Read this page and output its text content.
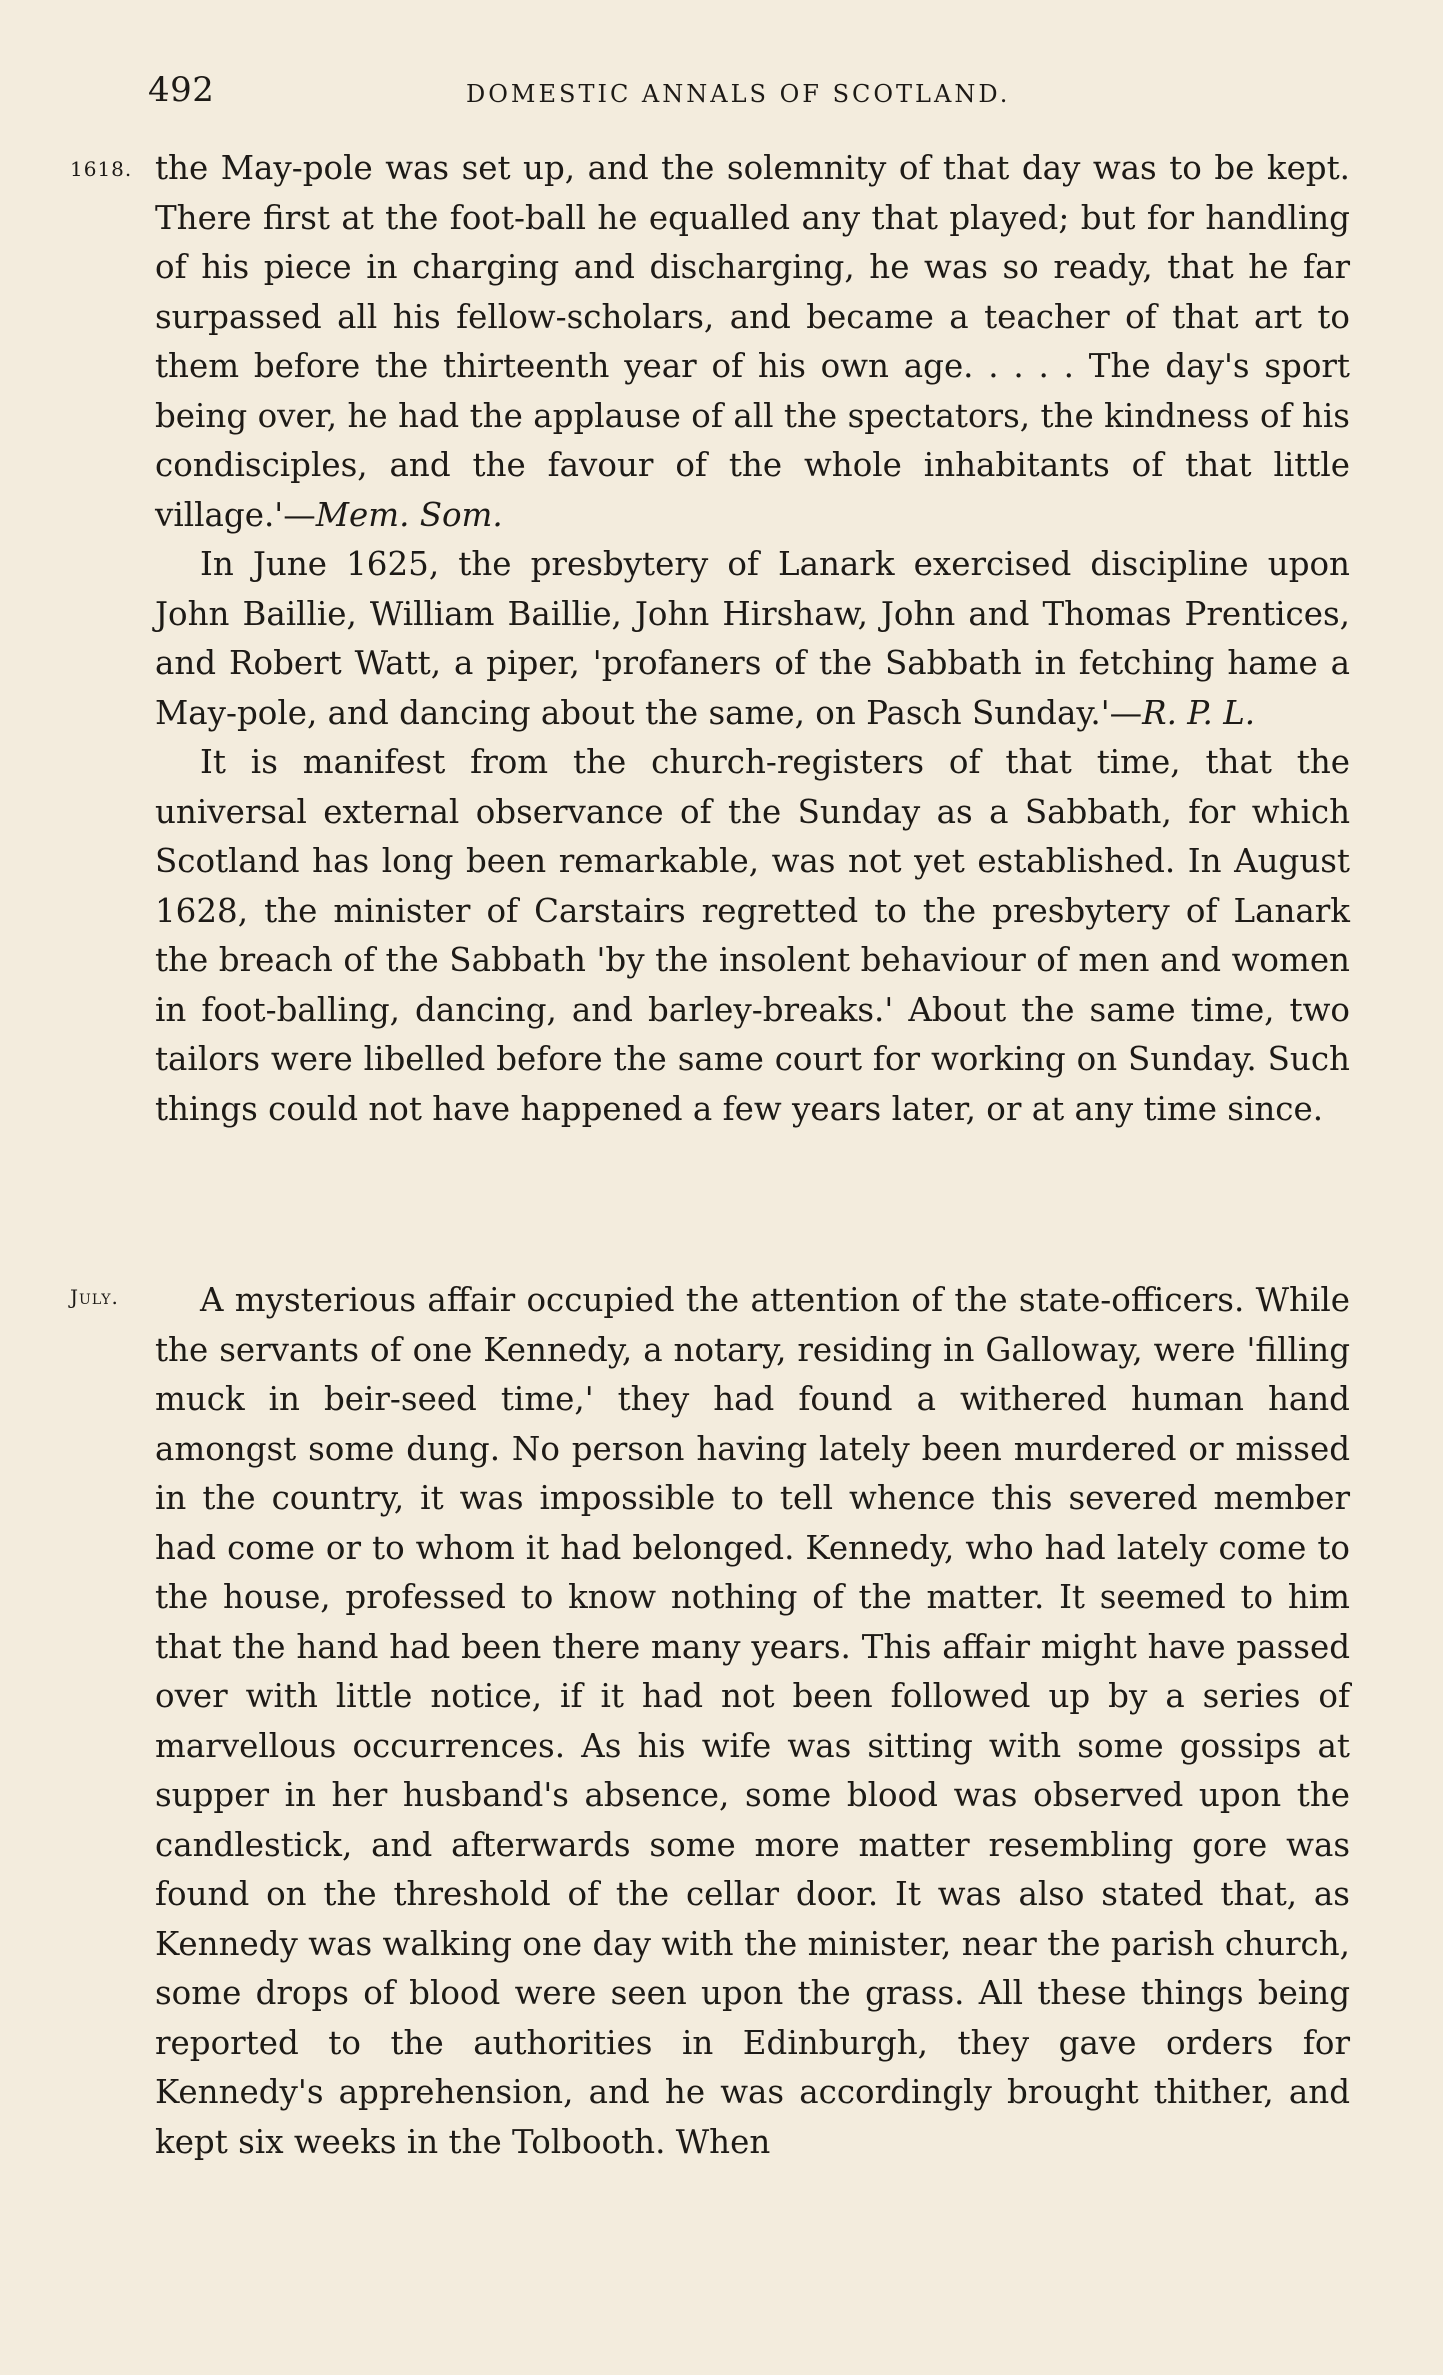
492	DOMESTIC ANNALS OF SCOTLAND.
1618.
July.

the May-pole was set up, and the solemnity of that day was to be kept. There first at the foot-ball he equalled any that played; but for handling of his piece in charging and discharging, he was so ready, that he far surpassed all his fellow-scholars, and became a teacher of that art to them before the thirteenth year of his own age. . . . . The day's sport being over, he had the applause of all the spectators, the kindness of his condisciples, and the favour of the whole inhabitants of that little village.'—Mem. Som.

In June 1625, the presbytery of Lanark exercised discipline upon John Baillie, William Baillie, John Hirshaw, John and Thomas Prentices, and Robert Watt, a piper, 'profaners of the Sabbath in fetching hame a May-pole, and dancing about the same, on Pasch Sunday.'—R. P. L.

It is manifest from the church-registers of that time, that the universal external observance of the Sunday as a Sabbath, for which Scotland has long been remarkable, was not yet established. In August 1628, the minister of Carstairs regretted to the presbytery of Lanark the breach of the Sabbath 'by the insolent behaviour of men and women in foot-balling, dancing, and barley-breaks.' About the same time, two tailors were libelled before the same court for working on Sunday. Such things could not have happened a few years later, or at any time since.

A mysterious affair occupied the attention of the state-officers. While the servants of one Kennedy, a notary, residing in Galloway, were 'filling muck in beir-seed time,' they had found a withered human hand amongst some dung. No person having lately been murdered or missed in the country, it was impossible to tell whence this severed member had come or to whom it had belonged. Kennedy, who had lately come to the house, professed to know nothing of the matter. It seemed to him that the hand had been there many years. This affair might have passed over with little notice, if it had not been followed up by a series of marvellous occurrences. As his wife was sitting with some gossips at supper in her husband's absence, some blood was observed upon the candlestick, and afterwards some more matter resembling gore was found on the threshold of the cellar door. It was also stated that, as Kennedy was walking one day with the minister, near the parish church, some drops of blood were seen upon the grass. All these things being reported to the authorities in Edinburgh, they gave orders for Kennedy's apprehension, and he was accordingly brought thither, and kept six weeks in the Tolbooth. When
